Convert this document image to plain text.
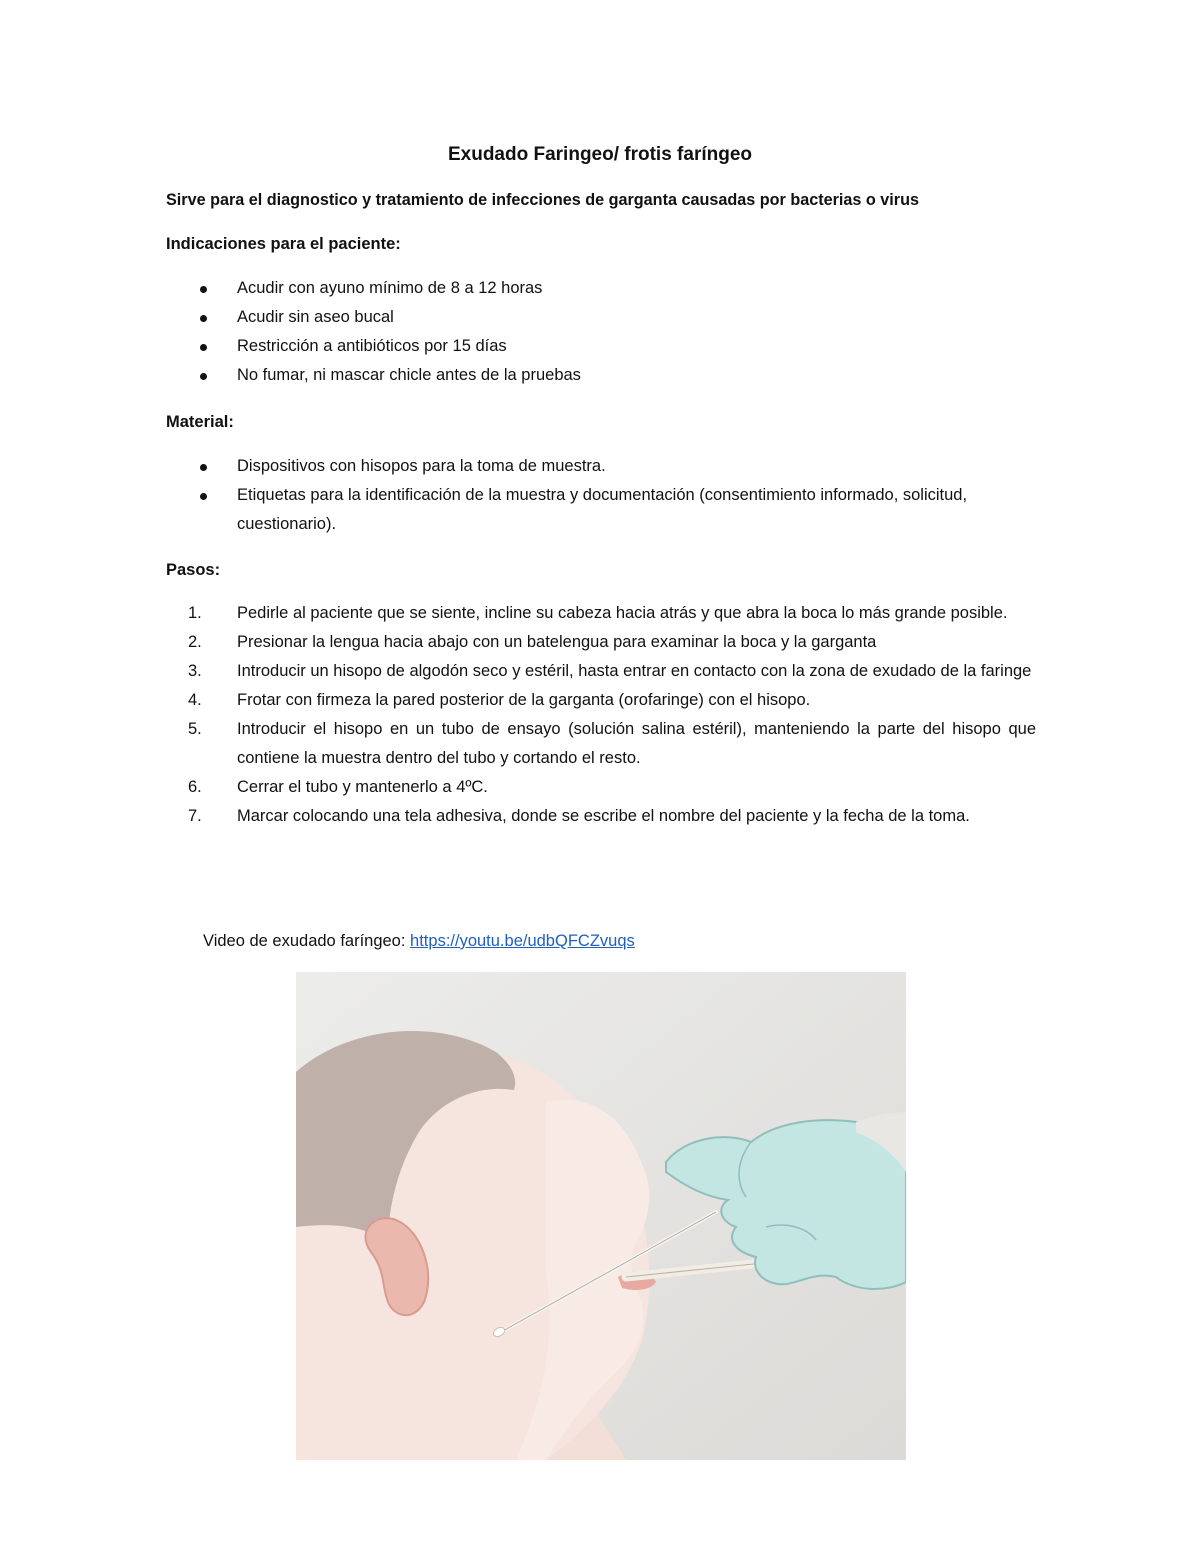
Exudado Faringeo/ frotis faríngeo
Sirve para el diagnostico y tratamiento de infecciones de garganta causadas por bacterias o virus
Indicaciones para el paciente:
Acudir con ayuno mínimo de 8 a 12 horas
Acudir sin aseo bucal
Restricción a antibióticos por 15 días
No fumar, ni mascar chicle antes de la pruebas
Material:
Dispositivos con hisopos para la toma de muestra.
Etiquetas para la identificación de la muestra y documentación (consentimiento informado, solicitud, cuestionario).
Pasos:
1.	Pedirle al paciente que se siente, incline su cabeza hacia atrás y que abra la boca lo más grande posible.
2.	Presionar la lengua hacia abajo con un batelengua para examinar la boca y la garganta
3.	Introducir un hisopo de algodón seco y estéril, hasta entrar en contacto con la zona de exudado de la faringe
4.	Frotar con firmeza la pared posterior de la garganta (orofaringe) con el hisopo.
5.	Introducir el hisopo en un tubo de ensayo (solución salina estéril), manteniendo la parte del hisopo que contiene la muestra dentro del tubo y cortando el resto.
6.	Cerrar el tubo y mantenerlo a 4ºC.
7.	Marcar colocando una tela adhesiva, donde se escribe el nombre del paciente y la fecha de la toma.
Video de exudado faríngeo: https://youtu.be/udbQFCZvuqs
